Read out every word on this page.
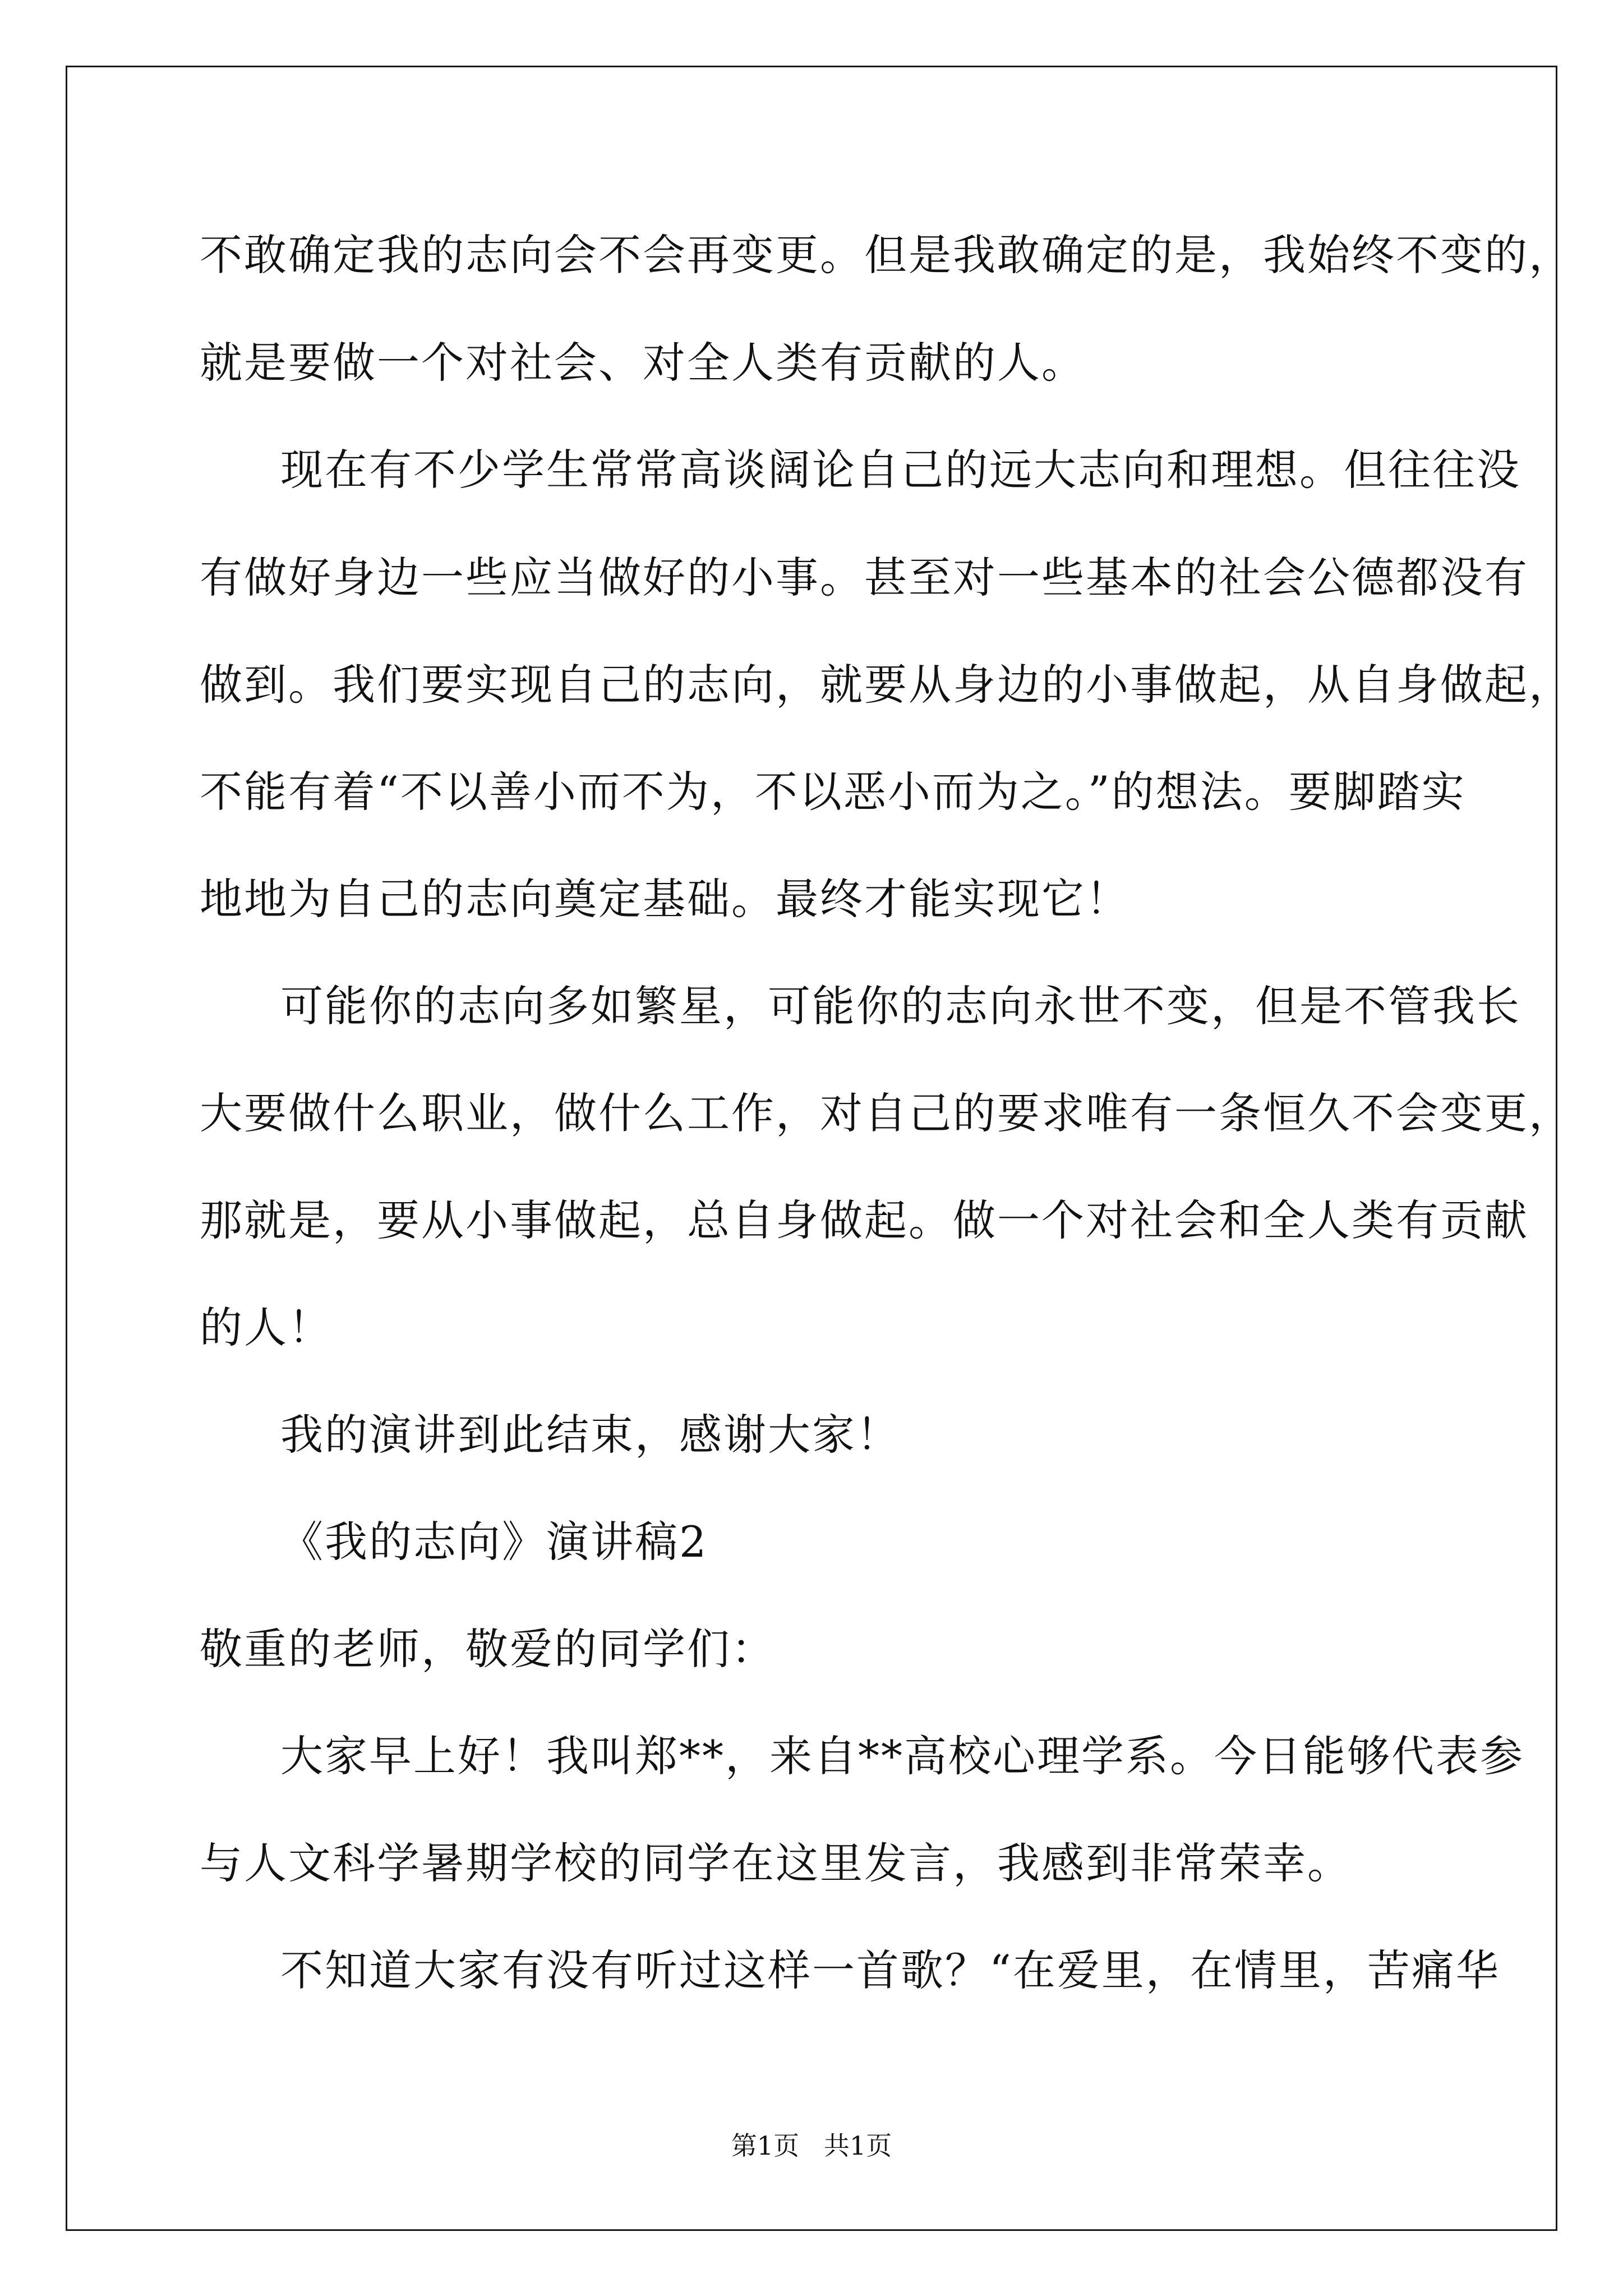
不敢确定我的志向会不会再变更。但是我敢确定的是，我始终不变的，
就是要做一个对社会、对全人类有贡献的人。
现在有不少学生常常高谈阔论自己的远大志向和理想。但往往没
有做好身边一些应当做好的小事。甚至对一些基本的社会公德都没有
做到。我们要实现自己的志向，就要从身边的小事做起，从自身做起，
不能有着“不以善小而不为，不以恶小而为之。”的想法。要脚踏实
地地为自己的志向奠定基础。最终才能实现它！
可能你的志向多如繁星，可能你的志向永世不变，但是不管我长
大要做什么职业，做什么工作，对自己的要求唯有一条恒久不会变更，
那就是，要从小事做起，总自身做起。做一个对社会和全人类有贡献
的人！
我的演讲到此结束，感谢大家！
《我的志向》演讲稿2
敬重的老师，敬爱的同学们：
大家早上好！我叫郑**，来自**高校心理学系。今日能够代表参
与人文科学暑期学校的同学在这里发言，我感到非常荣幸。
不知道大家有没有听过这样一首歌？“在爱里，在情里，苦痛华
第1页   共1页
